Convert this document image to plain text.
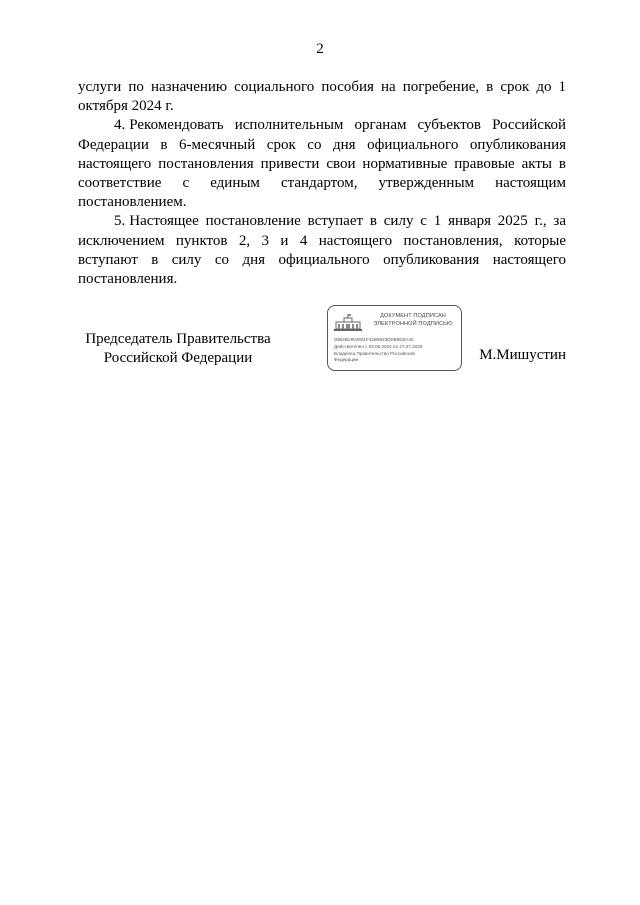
2

услуги по назначению социального пособия на погребение, в срок до 1 октября 2024 г.

4. Рекомендовать исполнительным органам субъектов Российской Федерации в 6-месячный срок со дня официального опубликования настоящего постановления привести свои нормативные правовые акты в соответствие с единым стандартом, утвержденным настоящим постановлением.

5. Настоящее постановление вступает в силу с 1 января 2025 г., за исключением пунктов 2, 3 и 4 настоящего постановления, которые вступают в силу со дня официального опубликования настоящего постановления.

Председатель Правительства
Российской Федерации
ДОКУМЕНТ ПОДПИСАН
ЭЛЕКТРОННОЙ ПОДПИСЬЮ
00B36D903921F42B9823DDB6D0A4C
Действителен с 03.06.2024 по 27.07.2025
Владелец Правительство Российской
Федерации	М.Мишустин
